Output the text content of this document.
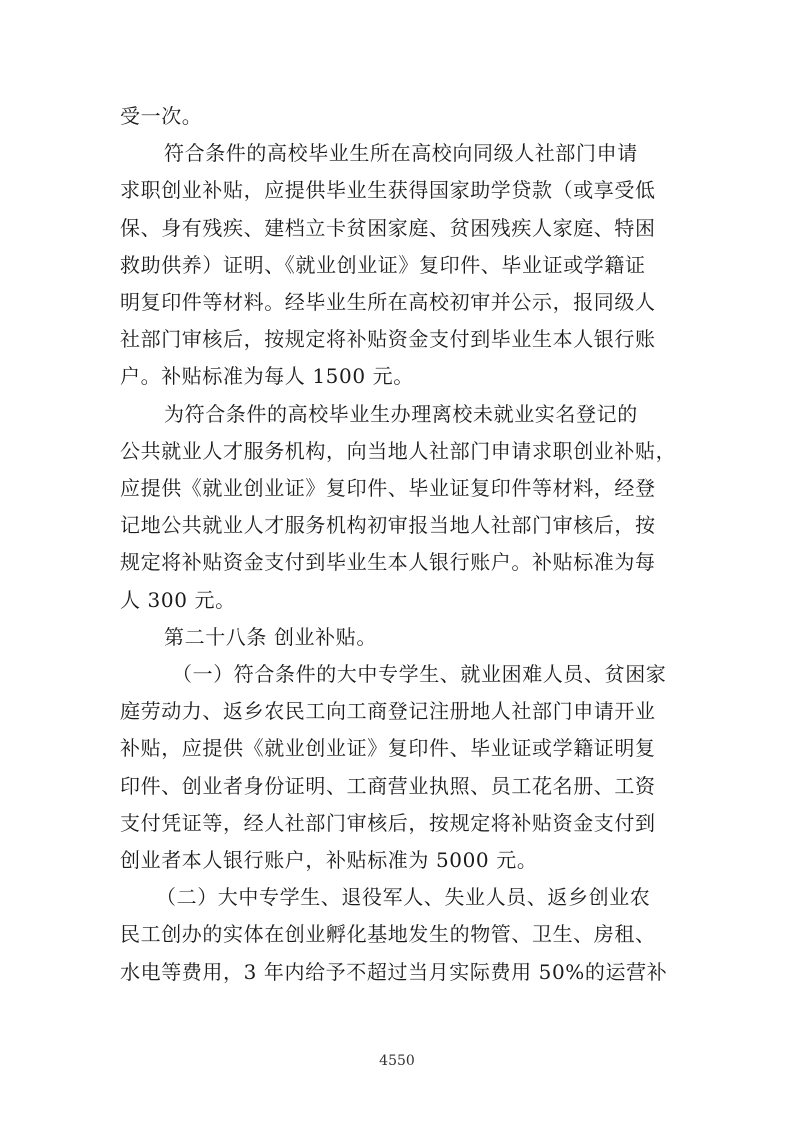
受一次。
符合条件的高校毕业生所在高校向同级人社部门申请
求职创业补贴，应提供毕业生获得国家助学贷款（或享受低
保、身有残疾、建档立卡贫困家庭、贫困残疾人家庭、特困
救助供养）证明、《就业创业证》复印件、毕业证或学籍证
明复印件等材料。经毕业生所在高校初审并公示，报同级人
社部门审核后，按规定将补贴资金支付到毕业生本人银行账
户。补贴标准为每人 1500 元。
为符合条件的高校毕业生办理离校未就业实名登记的
公共就业人才服务机构，向当地人社部门申请求职创业补贴，
应提供《就业创业证》复印件、毕业证复印件等材料，经登
记地公共就业人才服务机构初审报当地人社部门审核后，按
规定将补贴资金支付到毕业生本人银行账户。补贴标准为每
人 300 元。
第二十八条 创业补贴。
（一）符合条件的大中专学生、就业困难人员、贫困家
庭劳动力、返乡农民工向工商登记注册地人社部门申请开业
补贴，应提供《就业创业证》复印件、毕业证或学籍证明复
印件、创业者身份证明、工商营业执照、员工花名册、工资
支付凭证等，经人社部门审核后，按规定将补贴资金支付到
创业者本人银行账户，补贴标准为 5000 元。
（二）大中专学生、退役军人、失业人员、返乡创业农
民工创办的实体在创业孵化基地发生的物管、卫生、房租、
水电等费用，3 年内给予不超过当月实际费用 50%的运营补
4550
